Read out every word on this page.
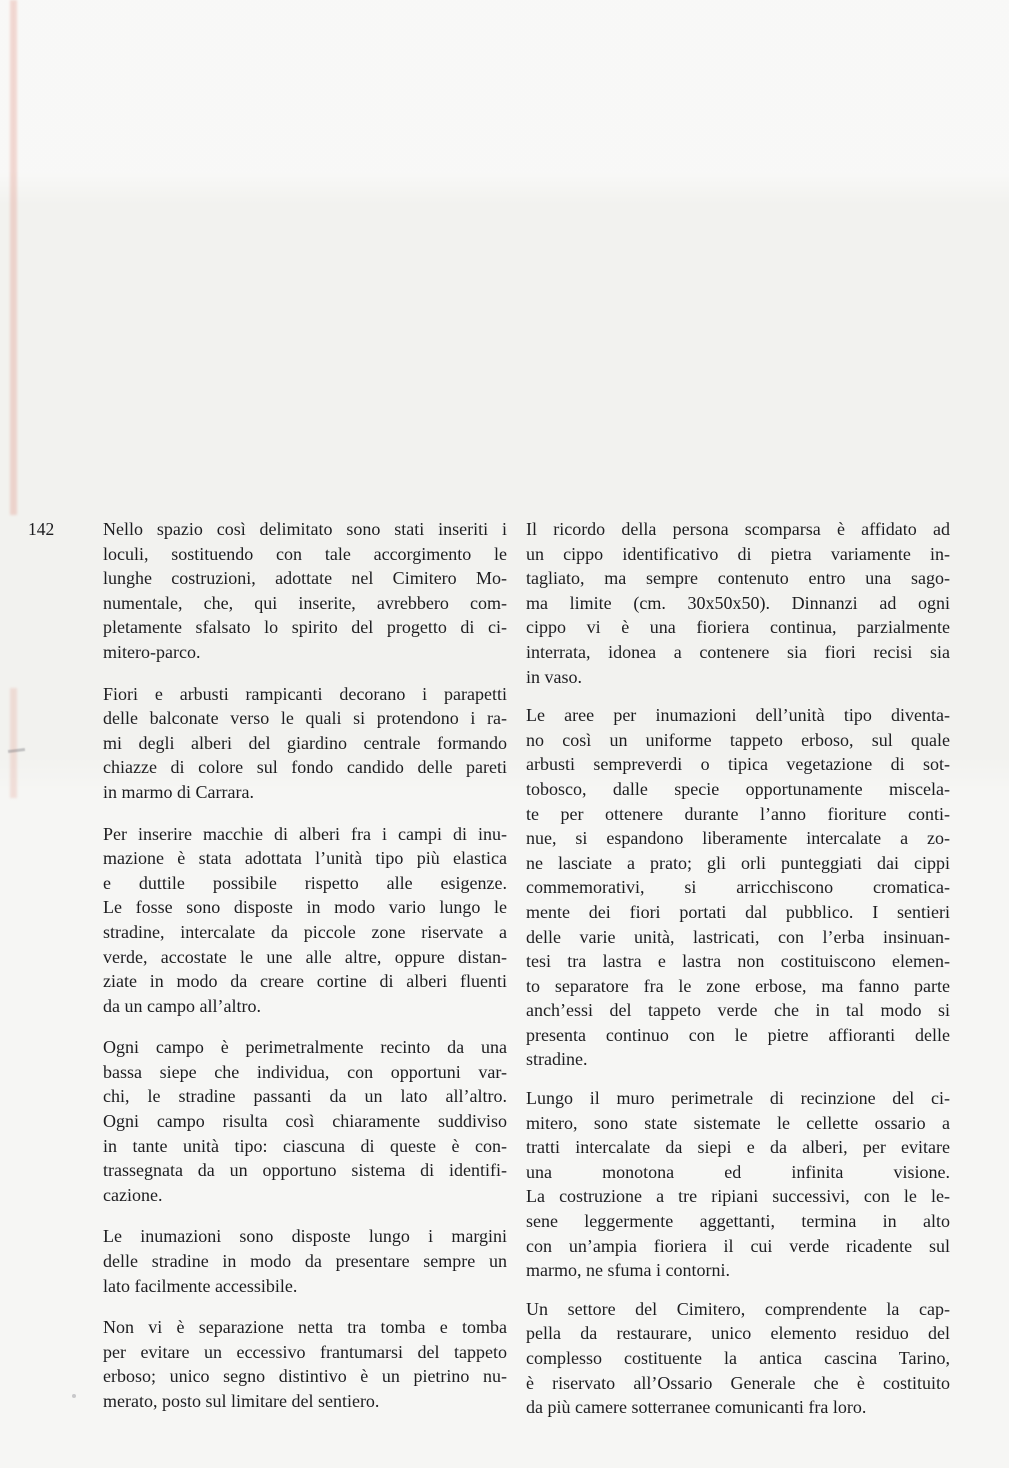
142	Nello spazio così delimitato sono stati inseriti i
loculi, sostituendo con tale accorgimento le
lunghe costruzioni, adottate nel Cimitero Mo-
numentale, che, qui inserite, avrebbero com-
pletamente sfalsato lo spirito del progetto di ci-
mitero-parco.
Fiori e arbusti rampicanti decorano i parapetti
delle balconate verso le quali si protendono i ra-
mi degli alberi del giardino centrale formando
chiazze di colore sul fondo candido delle pareti
in marmo di Carrara.
Per inserire macchie di alberi fra i campi di inu-
mazione è stata adottata l’unità tipo più elastica
e duttile possibile rispetto alle esigenze.
Le fosse sono disposte in modo vario lungo le
stradine, intercalate da piccole zone riservate a
verde, accostate le une alle altre, oppure distan-
ziate in modo da creare cortine di alberi fluenti
da un campo all’altro.
Ogni campo è perimetralmente recinto da una
bassa siepe che individua, con opportuni var-
chi, le stradine passanti da un lato all’altro.
Ogni campo risulta così chiaramente suddiviso
in tante unità tipo: ciascuna di queste è con-
trassegnata da un opportuno sistema di identifi-
cazione.
Le inumazioni sono disposte lungo i margini
delle stradine in modo da presentare sempre un
lato facilmente accessibile.
Non vi è separazione netta tra tomba e tomba
per evitare un eccessivo frantumarsi del tappeto
erboso; unico segno distintivo è un pietrino nu-
merato, posto sul limitare del sentiero.
Il ricordo della persona scomparsa è affidato ad
un cippo identificativo di pietra variamente in-
tagliato, ma sempre contenuto entro una sago-
ma limite (cm. 30x50x50). Dinnanzi ad ogni
cippo vi è una fioriera continua, parzialmente
interrata, idonea a contenere sia fiori recisi sia
in vaso.
Le aree per inumazioni dell’unità tipo diventa-
no così un uniforme tappeto erboso, sul quale
arbusti sempreverdi o tipica vegetazione di sot-
tobosco, dalle specie opportunamente miscela-
te per ottenere durante l’anno fioriture conti-
nue, si espandono liberamente intercalate a zo-
ne lasciate a prato; gli orli punteggiati dai cippi
commemorativi, si arricchiscono cromatica-
mente dei fiori portati dal pubblico. I sentieri
delle varie unità, lastricati, con l’erba insinuan-
tesi tra lastra e lastra non costituiscono elemen-
to separatore fra le zone erbose, ma fanno parte
anch’essi del tappeto verde che in tal modo si
presenta continuo con le pietre affioranti delle
stradine.
Lungo il muro perimetrale di recinzione del ci-
mitero, sono state sistemate le cellette ossario a
tratti intercalate da siepi e da alberi, per evitare
una monotona ed infinita visione.
La costruzione a tre ripiani successivi, con le le-
sene leggermente aggettanti, termina in alto
con un’ampia fioriera il cui verde ricadente sul
marmo, ne sfuma i contorni.
Un settore del Cimitero, comprendente la cap-
pella da restaurare, unico elemento residuo del
complesso costituente la antica cascina Tarino,
è riservato all’Ossario Generale che è costituito
da più camere sotterranee comunicanti fra loro.
